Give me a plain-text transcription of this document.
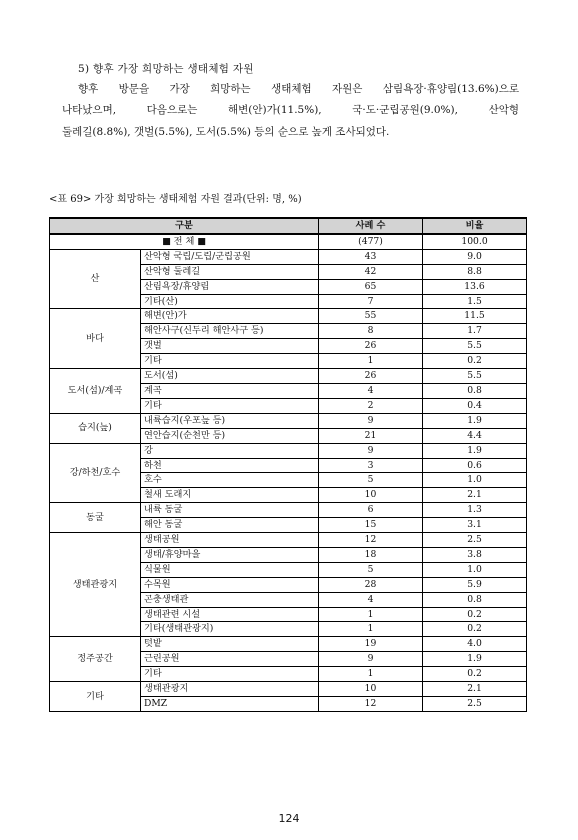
5) 향후 가장 희망하는 생태체험 자원
향후 방문을 가장 희망하는 생태체험 자원은 삼림욕장·휴양림(13.6%)으로
나타났으며, 다음으로는 해변(안)가(11.5%), 국·도·군립공원(9.0%), 산악형
둘레길(8.8%), 갯벌(5.5%), 도서(5.5%) 등의 순으로 높게 조사되었다.
<표 69> 가장 희망하는 생태체험 자원 결과(단위: 명, %)
구분		사례 수	비율
■ 전 체 ■		(477)	100.0
산	산악형 국립/도립/군립공원	43	9.0
	산악형 둘레길	42	8.8
	산림욕장/휴양림	65	13.6
	기타(산)	7	1.5
바다	해변(안)가	55	11.5
	해안사구(신두리 해안사구 등)	8	1.7
	갯벌	26	5.5
	기타	1	0.2
도서(섬)/계곡	도서(섬)	26	5.5
	계곡	4	0.8
	기타	2	0.4
습지(늪)	내륙습지(우포늪 등)	9	1.9
	연안습지(순천만 등)	21	4.4
강/하천/호수	강	9	1.9
	하천	3	0.6
	호수	5	1.0
	철새 도래지	10	2.1
동굴	내륙 동굴	6	1.3
	해안 동굴	15	3.1
생태관광지	생태공원	12	2.5
	생태/휴양마을	18	3.8
	식물원	5	1.0
	수목원	28	5.9
	곤충생태관	4	0.8
	생태관련 시설	1	0.2
	기타(생태관광지)	1	0.2
정주공간	텃밭	19	4.0
	근린공원	9	1.9
	기타	1	0.2
기타	생태관광지	10	2.1
	DMZ	12	2.5
124
